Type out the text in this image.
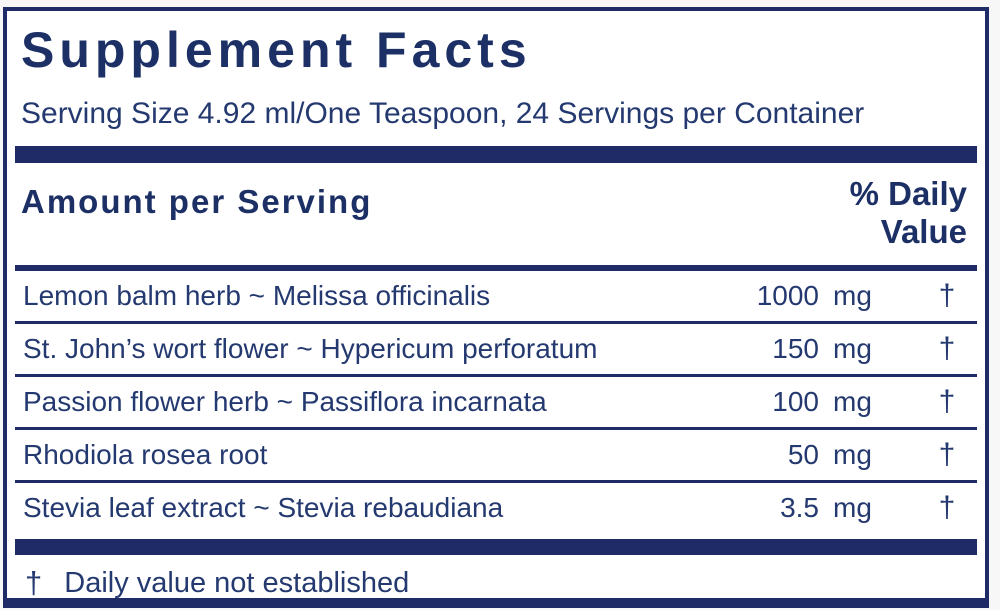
Supplement Facts
Serving Size 4.92 ml/One Teaspoon, 24 Servings per Container
Amount per Serving	% Daily
Value
Lemon balm herb ~ Melissa officinalis	1000 mg	†
St. John’s wort flower ~ Hypericum perforatum	150 mg	†
Passion flower herb ~ Passiflora incarnata	100 mg	†
Rhodiola rosea root	50 mg	†
Stevia leaf extract ~ Stevia rebaudiana	3.5 mg	†
† Daily value not established
